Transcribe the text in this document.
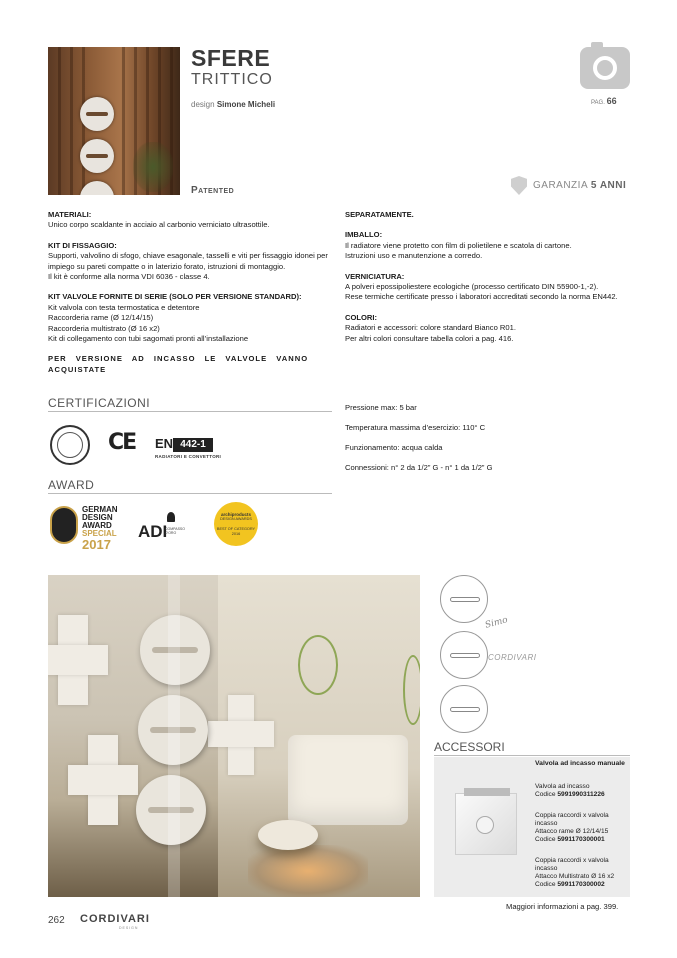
SFERE
TRITTICO
design Simone Micheli
Patented
PAG. 66
GARANZIA 5 ANNI
MATERIALI:
Unico corpo scaldante in acciaio al carbonio verniciato ultrasottile.
KIT DI FISSAGGIO:
Supporti, valvolino di sfogo, chiave esagonale, tasselli e viti per fissaggio idonei per impiego su pareti compatte o in laterizio forato, istruzioni di montaggio.
Il kit è conforme alla norma VDI 6036 - classe 4.
KIT VALVOLE FORNITE DI SERIE (SOLO PER VERSIONE STANDARD):
Kit valvola con testa termostatica e detentore
Raccorderia rame (Ø 12/14/15)
Raccorderia multistrato (Ø 16 x2)
Kit di collegamento con tubi sagomati pronti all’installazione
PER VERSIONE AD INCASSO LE VALVOLE VANNO ACQUISTATE
SEPARATAMENTE.
IMBALLO:
Il radiatore viene protetto con film di polietilene e scatola di cartone.
Istruzioni uso e manutenzione a corredo.
VERNICIATURA:
A polveri epossipoliestere ecologiche (processo certificato DIN 55900-1,-2).
Rese termiche certificate presso i laboratori accreditati secondo la norma EN442.
COLORI:
Radiatori e accessori: colore standard Bianco R01.
Per altri colori consultare tabella colori a pag. 416.
CERTIFICAZIONI
CE EN 442-1
RADIATORI E CONVETTORI
Pressione max: 5 bar
Temperatura massima d’esercizio: 110° C
Funzionamento: acqua calda
Connessioni: n° 2 da 1/2” G - n° 1 da 1/2” G
AWARD
GERMAN
DESIGN
AWARD
SPECIAL
2017
ADI
COMPASSO D'ORO
archiproducts
DESIGN AWARDS
BEST OF CATEGORY
2016
Simo
CORDIVARI
ACCESSORI
Valvola ad incasso manuale
Valvola ad incasso
Codice 5991990311226
Coppia raccordi x valvola incasso
Attacco rame Ø 12/14/15
Codice 5991170300001
Coppia raccordi x valvola incasso
Attacco Multistrato Ø 16 x2
Codice 5991170300002
Maggiori informazioni a pag. 399.
262 CORDIVARI
DESIGN
